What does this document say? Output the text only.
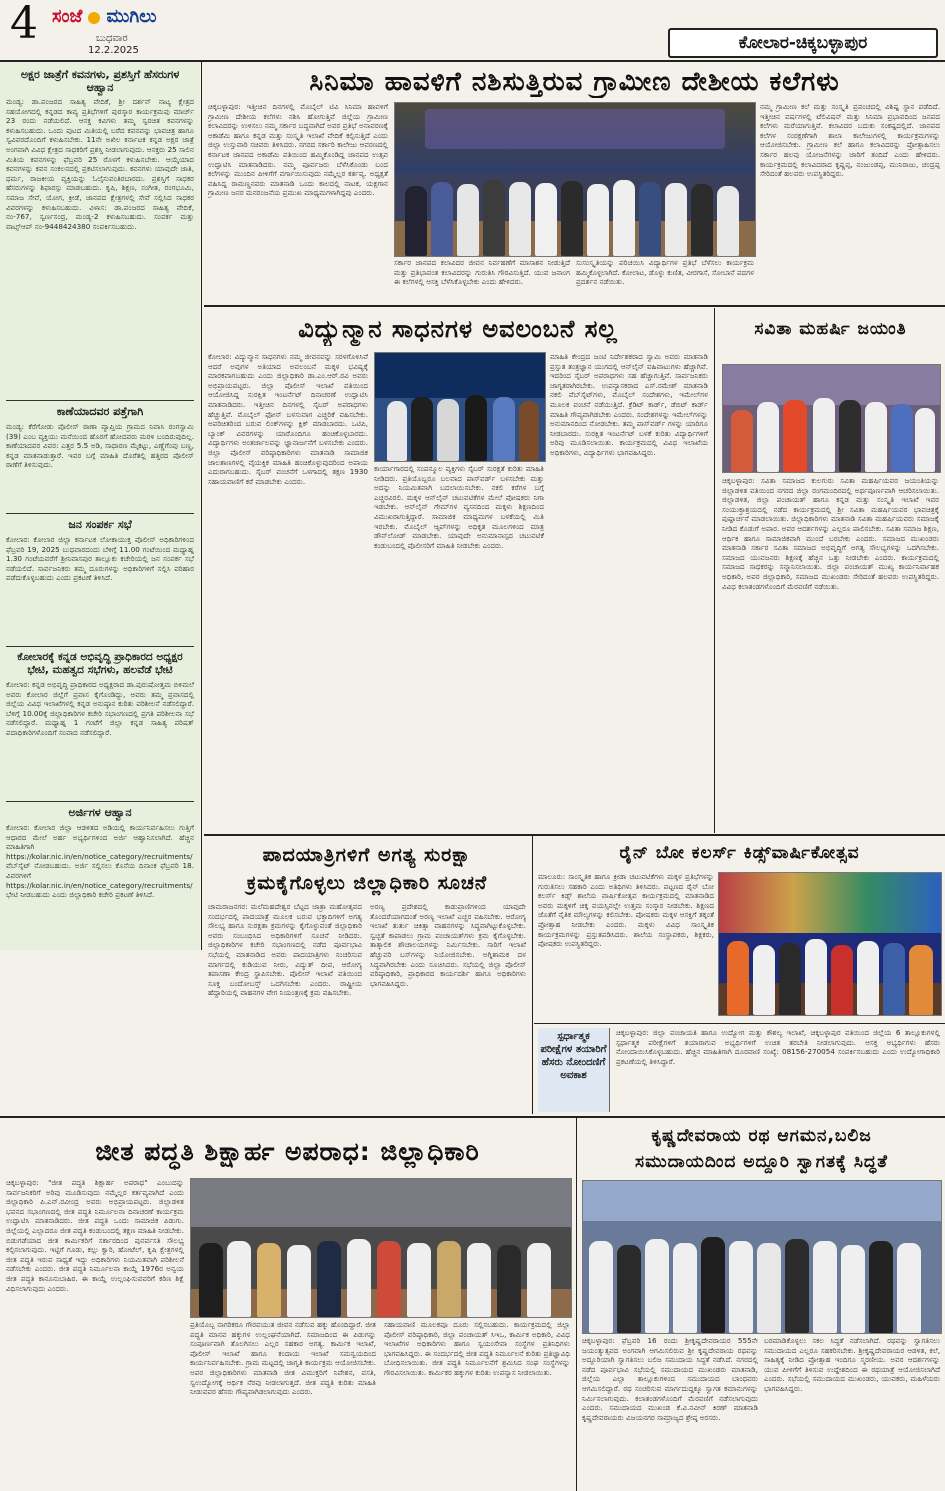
4 ಸಂಜೆ ಮುಗಿಲು
ಬುಧವಾರ
12.2.2025	ಕೋಲಾರ-ಚಿಕ್ಕಬಳ್ಳಾಪುರ
ಅಕ್ಷರ ಜಾತ್ರೆಗೆ ಕವನಗಳು, ಪ್ರಶಸ್ತಿಗೆ ಹೆಸರುಗಳ ಆಹ್ವಾನ
ಮಂಡ್ಯ: ಡಾ.ಪಂಜರದ ಸಾಹಿತ್ಯ ವೇದಿಕೆ, ಶ್ರೀ ದರ್ಶನ್ ನಾಟ್ಯ ಕ್ಷೇತ್ರದ ಸಹಯೋಗದಲ್ಲಿ ಕನ್ನಡದ ಕಾವ್ಯ ಪ್ರತಿಭೆಗಳಿಗೆ ಪುರಸ್ಕಾರ ಕಾರ್ಯಕ್ರಮವು ಮಾರ್ಚ್ 23 ರಂದು ನಡೆಯಲಿದೆ. ಆಸಕ್ತ ಕವಿಗಳು ತಮ್ಮ ಸ್ವರಚಿತ ಕವನಗಳನ್ನು ಕಳುಹಿಸಬಹುದು. ಒಂದು ಪುಟದ ಮಿತಿಯಲ್ಲಿ ಬರೆದ ಕವನವನ್ನು ಭಾವಚಿತ್ರ ಹಾಗೂ ಸ್ವವಿವರದೊಂದಿಗೆ ಕಳುಹಿಸಬೇಕು. 11ನೇ ಅಖಿಲ ಕರ್ನಾಟಕ ಕನ್ನಡ ಅಕ್ಷರ ಜಾತ್ರೆ ಅಂಗವಾಗಿ ವಿವಿಧ ಕ್ಷೇತ್ರದ ಸಾಧಕರಿಗೆ ಪ್ರಶಸ್ತಿ ನೀಡಲಾಗುವುದು. ಆಸಕ್ತರು 25 ಸಾಲಿನ ಮಿತಿಯ ಕವನಗಳನ್ನು ಫೆಬ್ರವರಿ 25 ರೊಳಗೆ ಕಳುಹಿಸಬೇಕು. ಆಯ್ಕೆಯಾದ ಕವನಗಳನ್ನು ಕವನ ಸಂಕಲನದಲ್ಲಿ ಪ್ರಕಟಿಸಲಾಗುವುದು. ಕವನಗಳು ಯಾವುದೇ ಜಾತಿ, ಧರ್ಮ, ರಾಜಕೀಯ ವ್ಯಕ್ತಿಯನ್ನು ಓಲೈಸುವಂತಿರಬಾರದು. ಪ್ರಶಸ್ತಿಗೆ ಸಾಧಕರ ಹೆಸರುಗಳನ್ನು ಶಿಫಾರಸ್ಸು ಮಾಡಬಹುದು. ಕೃಷಿ, ಶಿಕ್ಷಣ, ಸಂಗೀತ, ರಂಗಭೂಮಿ, ಸಮಾಜ ಸೇವೆ, ಯೋಗ, ಕ್ರೀಡೆ, ಜಾನಪದ ಕ್ಷೇತ್ರಗಳಲ್ಲಿ ಸೇವೆ ಸಲ್ಲಿಸಿದ ಸಾಧಕರ ವಿವರಗಳನ್ನು ಕಳುಹಿಸಬಹುದು. ವಿಳಾಸ: ಡಾ.ಪಂಜರದ ಸಾಹಿತ್ಯ ವೇದಿಕೆ, ನಂ-767, ಸ್ವರ್ಣಸಂದ್ರ, ಮಂಡ್ಯ-2 ಕಳುಹಿಸಬಹುದು. ಸಂಪರ್ಕ ಮತ್ತು ವಾಟ್ಸ್ಆಪ್ ನಂ-9448424380 ಸಂಪರ್ಕಿಸಬಹುದು.
ಕಾಣೆಯಾದವರ ಪತ್ತೆಗಾಗಿ
ಮಂಡ್ಯ: ಕೆರೆಗೋಡು ಪೊಲೀಸ್ ಠಾಣಾ ವ್ಯಾಪ್ತಿಯ ಗ್ರಾಮದ ನಿವಾಸಿ ರಂಗಸ್ವಾಮಿ (39) ಎಂಬ ವ್ಯಕ್ತಿಯು ಮನೆಯಿಂದ ಹೊರಗೆ ಹೋದವರು ಮರಳಿ ಬಂದಿರುವುದಿಲ್ಲ. ಕಾಣೆಯಾದವರ ವಿವರ: ಎತ್ತರ 5.5 ಅಡಿ, ಸಾಧಾರಣ ಮೈಕಟ್ಟು, ಎಣ್ಣೆಗೆಂಪು ಬಣ್ಣ, ಕನ್ನಡ ಮಾತನಾಡುತ್ತಾರೆ. ಇವರ ಬಗ್ಗೆ ಮಾಹಿತಿ ದೊರೆತಲ್ಲಿ ಹತ್ತಿರದ ಪೊಲೀಸ್ ಠಾಣೆಗೆ ತಿಳಿಸುವುದು.
ಜನ ಸಂಪರ್ಕ ಸಭೆ
ಕೋಲಾರ: ಕೋಲಾರ ಜಿಲ್ಲಾ ಕರ್ನಾಟಕ ಲೋಕಾಯುಕ್ತ ಪೊಲೀಸ್ ಅಧಿಕಾರಿಗಳಿಂದ ಫೆಬ್ರವರಿ 19, 2025 ಬುಧವಾರದಂದು ಬೆಳಿಗ್ಗೆ 11.00 ಗಂಟೆಯಿಂದ ಮಧ್ಯಾಹ್ನ 1.30 ಗಂಟೆಯವರೆಗೆ ಶ್ರೀನಿವಾಸಪುರ ತಾಲ್ಲೂಕು ಕಚೇರಿಯಲ್ಲಿ ಜನ ಸಂಪರ್ಕ ಸಭೆ ನಡೆಯಲಿದೆ. ಸಾರ್ವಜನಿಕರು ತಮ್ಮ ದೂರುಗಳನ್ನು ಅಧಿಕಾರಿಗಳಿಗೆ ಸಲ್ಲಿಸಿ ಪರಿಹಾರ ಪಡೆದುಕೊಳ್ಳಬಹುದು ಎಂದು ಪ್ರಕಟಣೆ ತಿಳಿಸಿದೆ.
ಕೋಲಾರಕ್ಕೆ ಕನ್ನಡ ಅಭಿವೃದ್ಧಿ ಪ್ರಾಧಿಕಾರದ ಅಧ್ಯಕ್ಷರ ಭೇಟಿ, ಮಹತ್ವದ ಸಭೆಗಳು, ಹಲವೆಡೆ ಭೇಟಿ
ಕೋಲಾರ: ಕನ್ನಡ ಅಭಿವೃದ್ಧಿ ಪ್ರಾಧಿಕಾರದ ಅಧ್ಯಕ್ಷರಾದ ಡಾ.ಪುರುಷೋತ್ತಮ ಬಿಳಿಮಲೆ ಅವರು ಕೋಲಾರ ಜಿಲ್ಲೆಗೆ ಪ್ರವಾಸ ಕೈಗೊಂಡಿದ್ದು, ಅವರು ತಮ್ಮ ಪ್ರವಾಸದಲ್ಲಿ ಜಿಲ್ಲೆಯ ವಿವಿಧ ಇಲಾಖೆಗಳಲ್ಲಿ ಕನ್ನಡ ಅನುಷ್ಠಾನ ಕುರಿತು ಪರಿಶೀಲನೆ ನಡೆಸಲಿದ್ದಾರೆ. ಬೆಳಿಗ್ಗೆ 10.00ಕ್ಕೆ ಜಿಲ್ಲಾಧಿಕಾರಿಗಳ ಕಚೇರಿ ಸಭಾಂಗಣದಲ್ಲಿ ಪ್ರಗತಿ ಪರಿಶೀಲನಾ ಸಭೆ ನಡೆಸಲಿದ್ದಾರೆ. ಮಧ್ಯಾಹ್ನ 1 ಗಂಟೆಗೆ ಜಿಲ್ಲಾ ಕನ್ನಡ ಸಾಹಿತ್ಯ ಪರಿಷತ್ ಪದಾಧಿಕಾರಿಗಳೊಂದಿಗೆ ಸಂವಾದ ನಡೆಸಲಿದ್ದಾರೆ.
ಅರ್ಜಿಗಳ ಆಹ್ವಾನ
ಕೋಲಾರ: ಕೋಲಾರ ಜಿಲ್ಲಾ ಆಡಳಿತದ ಅಡಿಯಲ್ಲಿ ಕಾರ್ಯನಿರ್ವಹಿಸಲು ಗುತ್ತಿಗೆ ಆಧಾರದ ಮೇಲೆ ಅರ್ಹ ಅಭ್ಯರ್ಥಿಗಳಿಂದ ಅರ್ಜಿ ಆಹ್ವಾನಿಸಲಾಗಿದೆ. ಹೆಚ್ಚಿನ ಮಾಹಿತಿಗಾಗಿ https://kolar.nic.in/en/notice_category/recruitments/ ವೆಬ್‌ಸೈಟ್ ನೋಡಬಹುದು. ಅರ್ಜಿ ಸಲ್ಲಿಸಲು ಕೊನೆಯ ದಿನಾಂಕ ಫೆಬ್ರವರಿ 18. ವಿವರಗಳಿಗೆ https://kolar.nic.in/en/notice_category/recruitments/ ಭೇಟಿ ನೀಡಬಹುದು ಎಂದು ಜಿಲ್ಲಾಧಿಕಾರಿ ಕಚೇರಿ ಪ್ರಕಟಣೆ ತಿಳಿಸಿದೆ.
ಸಿನಿಮಾ ಹಾವಳಿಗೆ ನಶಿಸುತ್ತಿರುವ ಗ್ರಾಮೀಣ ದೇಶೀಯ ಕಲೆಗಳು
ಚಿಕ್ಕಬಳ್ಳಾಪುರ: ಇತ್ತೀಚಿನ ದಿನಗಳಲ್ಲಿ ಮೊಬೈಲ್ ಟಿವಿ ಸಿನಿಮಾ ಹಾವಳಿಗೆ ಗ್ರಾಮೀಣ ದೇಶೀಯ ಕಲೆಗಳು ನಶಿಸಿ ಹೋಗುತ್ತಿವೆ ಜಿಲ್ಲೆಯ ಗ್ರಾಮೀಣ ಕಲಾವಿದರನ್ನು ಉಳಿಸಲು ನಮ್ಮ ಸರ್ಕಾರ ಬದ್ಧವಾಗಿದೆ ಅವರ ಪ್ರತಿಭೆ ಅನಾವರಣಕ್ಕೆ ಅಕಾಡೆಮಿ ಹಾಗೂ ಕನ್ನಡ ಮತ್ತು ಸಂಸ್ಕೃತಿ ಇಲಾಖೆ ವೇದಿಕೆ ಕಲ್ಪಿಸುತ್ತಿದೆ ಎಂದು ಜಿಲ್ಲಾ ಉಸ್ತುವಾರಿ ಸಚಿವರು ತಿಳಿಸಿದರು. ನಗರದ ಸರ್ಕಾರಿ ಕಾಲೇಜು ಆವರಣದಲ್ಲಿ ಕರ್ನಾಟಕ ಜಾನಪದ ಅಕಾಡೆಮಿ ವತಿಯಿಂದ ಹಮ್ಮಿಕೊಂಡಿದ್ದ ಜಾನಪದ ಉತ್ಸವ ಉದ್ಘಾಟಿಸಿ ಮಾತನಾಡಿದರು. ನಮ್ಮ ಪೂರ್ವಜರು ಬೆಳೆಸಿಕೊಂಡು ಬಂದ ಕಲೆಗಳನ್ನು ಮುಂದಿನ ಪೀಳಿಗೆಗೆ ವರ್ಗಾಯಿಸುವುದು ನಮ್ಮೆಲ್ಲರ ಕರ್ತವ್ಯ. ಅಧ್ಯಕ್ಷತೆ ವಹಿಸಿದ್ದ ರಾಮಣ್ಣನವರು ಮಾತನಾಡಿ ಒಂದು ಕಾಲದಲ್ಲಿ ನಾಟಕ, ಯಕ್ಷಗಾನ ಗ್ರಾಮೀಣ ಜನರ ಮನರಂಜನೆಯ ಪ್ರಮುಖ ಮಾಧ್ಯಮಗಳಾಗಿದ್ದವು ಎಂದರು.
ಸರ್ಕಾರ ಜಾನಪದ ಕಲಾವಿದರ ಜೀವನ ನಿರ್ವಹಣೆಗೆ ಮಾಸಾಶನ ನೀಡುತ್ತಿದೆ ಮತ್ತು ಪ್ರತಿಭಾವಂತ ಕಲಾವಿದರನ್ನು ಗುರುತಿಸಿ ಗೌರವಿಸುತ್ತಿದೆ. ಯುವ ಜನಾಂಗ ಈ ಕಲೆಗಳಲ್ಲಿ ಆಸಕ್ತಿ ಬೆಳೆಸಿಕೊಳ್ಳಬೇಕು ಎಂದು ಹೇಳಿದರು.
ಸುಸಂಸ್ಕೃತಿಯನ್ನು ಪರಿಚಯಿಸಿ ವಿದ್ಯಾರ್ಥಿಗಳ ಪ್ರತಿಭೆ ಬೆಳೆಸಲು ಕಾರ್ಯಕ್ರಮ ಹಮ್ಮಿಕೊಳ್ಳಲಾಗಿದೆ. ಕೋಲಾಟ, ಡೊಳ್ಳು ಕುಣಿತ, ವೀರಗಾಸೆ, ಸೋಬಾನೆ ಪದಗಳ ಪ್ರದರ್ಶನ ನಡೆಯಿತು.
ನಮ್ಮ ಗ್ರಾಮೀಣ ಕಲೆ ಮತ್ತು ಸಂಸ್ಕೃತಿ ಪ್ರಪಂಚದಲ್ಲಿ ವಿಶಿಷ್ಟ ಸ್ಥಾನ ಪಡೆದಿದೆ. ಇತ್ತೀಚಿನ ವರ್ಷಗಳಲ್ಲಿ ಟೆಲಿವಿಷನ್ ಮತ್ತು ಸಿನಿಮಾ ಪ್ರಭಾವದಿಂದ ಜನಪದ ಕಲೆಗಳು ಮರೆಯಾಗುತ್ತಿವೆ. ಕಲಾವಿದರ ಬದುಕು ಸಂಕಷ್ಟದಲ್ಲಿದೆ. ಜಾನಪದ ಕಲೆಗಳ ಸಂರಕ್ಷಣೆಗಾಗಿ ಶಾಲಾ ಕಾಲೇಜುಗಳಲ್ಲಿ ಕಾರ್ಯಕ್ರಮಗಳನ್ನು ಆಯೋಜಿಸಬೇಕು. ಗ್ರಾಮೀಣ ಕಲೆ ಹಾಗೂ ಕಲಾವಿದರನ್ನು ಪ್ರೋತ್ಸಾಹಿಸಲು ಸರ್ಕಾರ ಹಲವು ಯೋಜನೆಗಳನ್ನು ಜಾರಿಗೆ ತಂದಿದೆ ಎಂದು ಹೇಳಿದರು. ಕಾರ್ಯಕ್ರಮದಲ್ಲಿ ಕಲಾವಿದರಾದ ಕೃಷ್ಣಪ್ಪ, ನಂಜುಂಡಪ್ಪ, ಮುನಿರಾಜು, ಚಂದ್ರಪ್ಪ ಸೇರಿದಂತೆ ಹಲವರು ಉಪಸ್ಥಿತರಿದ್ದರು.
ವಿದ್ಯುನ್ಮಾನ ಸಾಧನಗಳ ಅವಲಂಬನೆ ಸಲ್ಲ
ಕೋಲಾರ: ವಿದ್ಯುನ್ಮಾನ ಸಾಧನಗಳು ನಮ್ಮ ಜೀವನವನ್ನು ಸರಳಗೊಳಿಸಿವೆ ಆದರೆ ಅವುಗಳ ಅತಿಯಾದ ಅವಲಂಬನೆ ಮಕ್ಕಳ ಭವಿಷ್ಯಕ್ಕೆ ಮಾರಕವಾಗಬಹುದು ಎಂದು ಜಿಲ್ಲಾಧಿಕಾರಿ ಡಾ.ಎಂ.ಆರ್.ರವಿ ಅವರು ಅಭಿಪ್ರಾಯಪಟ್ಟರು. ಜಿಲ್ಲಾ ಪೊಲೀಸ್ ಇಲಾಖೆ ವತಿಯಿಂದ ಆಯೋಜಿಸಿದ್ದ ಸುರಕ್ಷಿತ ಇಂಟರ್ನೆಟ್ ದಿನಾಚರಣೆ ಉದ್ಘಾಟಿಸಿ ಮಾತನಾಡಿದರು. ಇತ್ತೀಚಿನ ದಿನಗಳಲ್ಲಿ ಸೈಬರ್ ಅಪರಾಧಗಳು ಹೆಚ್ಚುತ್ತಿವೆ. ಮೊಬೈಲ್ ಫೋನ್ ಬಳಸುವಾಗ ಎಚ್ಚರಿಕೆ ವಹಿಸಬೇಕು. ಅಪರಿಚಿತರಿಂದ ಬರುವ ಲಿಂಕ್‌ಗಳನ್ನು ಕ್ಲಿಕ್ ಮಾಡಬಾರದು. ಒಟಿಪಿ, ಬ್ಯಾಂಕ್ ವಿವರಗಳನ್ನು ಯಾರೊಂದಿಗೂ ಹಂಚಿಕೊಳ್ಳಬಾರದು. ವಿದ್ಯಾರ್ಥಿಗಳು ಅಂತರ್ಜಾಲವನ್ನು ಜ್ಞಾನಾರ್ಜನೆಗೆ ಬಳಸಬೇಕು ಎಂದರು. ಜಿಲ್ಲಾ ಪೊಲೀಸ್ ವರಿಷ್ಠಾಧಿಕಾರಿಗಳು ಮಾತನಾಡಿ ಸಾಮಾಜಿಕ ಜಾಲತಾಣಗಳಲ್ಲಿ ವೈಯಕ್ತಿಕ ಮಾಹಿತಿ ಹಂಚಿಕೊಳ್ಳುವುದರಿಂದ ಅಪಾಯ ಎದುರಾಗಬಹುದು. ಸೈಬರ್ ವಂಚನೆಗೆ ಒಳಗಾದಲ್ಲಿ ತಕ್ಷಣ 1930 ಸಹಾಯವಾಣಿಗೆ ಕರೆ ಮಾಡಬೇಕು ಎಂದರು.
ಕಾರ್ಯಾಗಾರದಲ್ಲಿ ಸಂಪನ್ಮೂಲ ವ್ಯಕ್ತಿಗಳು ಸೈಬರ್ ಸುರಕ್ಷತೆ ಕುರಿತು ಮಾಹಿತಿ ನೀಡಿದರು. ಪ್ರತಿಯೊಬ್ಬರೂ ಬಲವಾದ ಪಾಸ್‌ವರ್ಡ್ ಬಳಸಬೇಕು ಮತ್ತು ಅದನ್ನು ನಿಯಮಿತವಾಗಿ ಬದಲಾಯಿಸಬೇಕು. ನಕಲಿ ಕರೆಗಳ ಬಗ್ಗೆ ಎಚ್ಚರವಿರಲಿ. ಮಕ್ಕಳ ಆನ್‌ಲೈನ್ ಚಟುವಟಿಕೆಗಳ ಮೇಲೆ ಪೋಷಕರು ನಿಗಾ ಇಡಬೇಕು. ಆನ್‌ಲೈನ್ ಗೇಮ್‌ಗಳ ವ್ಯಸನದಿಂದ ಮಕ್ಕಳು ಶಿಕ್ಷಣದಿಂದ ವಿಮುಖರಾಗುತ್ತಿದ್ದಾರೆ. ಸಾಮಾಜಿಕ ಮಾಧ್ಯಮಗಳ ಬಳಕೆಯಲ್ಲಿ ಮಿತಿ ಇರಬೇಕು. ಮೊಬೈಲ್ ಆ್ಯಪ್‌ಗಳನ್ನು ಅಧಿಕೃತ ಮೂಲಗಳಿಂದ ಮಾತ್ರ ಡೌನ್‌ಲೋಡ್ ಮಾಡಬೇಕು. ಯಾವುದೇ ಅನುಮಾನಾಸ್ಪದ ಚಟುವಟಿಕೆ ಕಂಡುಬಂದಲ್ಲಿ ಪೊಲೀಸರಿಗೆ ಮಾಹಿತಿ ನೀಡಬೇಕು ಎಂದರು.
ಮಾಹಿತಿ ಕೇಂದ್ರದ ಜಂಟಿ ನಿರ್ದೇಶಕರಾದ ಸ್ವಾಮಿ ಅವರು ಮಾತನಾಡಿ ಪ್ರಸ್ತುತ ತಂತ್ರಜ್ಞಾನ ಯುಗದಲ್ಲಿ ಆನ್‌ಲೈನ್ ವಹಿವಾಟುಗಳು ಹೆಚ್ಚಾಗಿವೆ. ಇದರಿಂದ ಸೈಬರ್ ಅಪರಾಧಗಳು ಸಹ ಹೆಚ್ಚಾಗುತ್ತಿವೆ. ಸಾರ್ವಜನಿಕರು ಜಾಗೃತರಾಗಿರಬೇಕು. ಉಪನ್ಯಾಸಕರಾದ ಎಸ್.ರಮೇಶ್ ಮಾತನಾಡಿ ನಕಲಿ ವೆಬ್‌ಸೈಟ್‌ಗಳು, ಮೊಬೈಲ್ ಸಂದೇಶಗಳು, ಇಮೇಲ್‌ಗಳ ಮೂಲಕ ವಂಚನೆ ನಡೆಯುತ್ತಿದೆ. ಕ್ರೆಡಿಟ್ ಕಾರ್ಡ್, ಡೆಬಿಟ್ ಕಾರ್ಡ್ ಮಾಹಿತಿ ಗೌಪ್ಯವಾಗಿಡಬೇಕು ಎಂದರು. ಸಂದೇಶಗಳನ್ನು ಇಮೇಲ್‌ಗಳನ್ನು ಅನುಮಾನದಿಂದ ನೋಡಬೇಕು. ತಮ್ಮ ಪಾಸ್‌ವರ್ಡ್ ಗಳನ್ನು ಯಾರಿಗೂ ನೀಡಬಾರದು. ಸುರಕ್ಷಿತ ಇಂಟರ್ನೆಟ್ ಬಳಕೆ ಕುರಿತು ವಿದ್ಯಾರ್ಥಿಗಳಿಗೆ ಅರಿವು ಮೂಡಿಸಲಾಯಿತು. ಕಾರ್ಯಕ್ರಮದಲ್ಲಿ ವಿವಿಧ ಇಲಾಖೆಯ ಅಧಿಕಾರಿಗಳು, ವಿದ್ಯಾರ್ಥಿಗಳು ಭಾಗವಹಿಸಿದ್ದರು.
ಸವಿತಾ ಮಹರ್ಷಿ ಜಯಂತಿ
ಚಿಕ್ಕಬಳ್ಳಾಪುರ: ಸವಿತಾ ಸಮಾಜದ ಕುಲಗುರು ಸವಿತಾ ಮಹರ್ಷಿಯವರ ಜಯಂತಿಯನ್ನು ಜಿಲ್ಲಾಡಳಿತ ವತಿಯಿಂದ ನಗರದ ಜಿಲ್ಲಾ ರಂಗಮಂದಿರದಲ್ಲಿ ಅರ್ಥಪೂರ್ಣವಾಗಿ ಆಚರಿಸಲಾಯಿತು. ಜಿಲ್ಲಾಡಳಿತ, ಜಿಲ್ಲಾ ಪಂಚಾಯತ್ ಹಾಗೂ ಕನ್ನಡ ಮತ್ತು ಸಂಸ್ಕೃತಿ ಇಲಾಖೆ ಇವರ ಸಂಯುಕ್ತಾಶ್ರಯದಲ್ಲಿ ನಡೆದ ಕಾರ್ಯಕ್ರಮದಲ್ಲಿ ಶ್ರೀ ಸವಿತಾ ಮಹರ್ಷಿಯವರ ಭಾವಚಿತ್ರಕ್ಕೆ ಪುಷ್ಪಾರ್ಚನೆ ಮಾಡಲಾಯಿತು. ಜಿಲ್ಲಾಧಿಕಾರಿಗಳು ಮಾತನಾಡಿ ಸವಿತಾ ಮಹರ್ಷಿಯವರು ಸಮಾಜಕ್ಕೆ ನೀಡಿದ ಕೊಡುಗೆ ಅಪಾರ. ಅವರ ಆದರ್ಶಗಳನ್ನು ಎಲ್ಲರೂ ಪಾಲಿಸಬೇಕು. ಸವಿತಾ ಸಮಾಜ ಶಿಕ್ಷಣ, ಆರ್ಥಿಕ ಹಾಗೂ ಸಾಮಾಜಿಕವಾಗಿ ಮುಂದೆ ಬರಬೇಕು ಎಂದರು. ಸಮಾಜದ ಮುಖಂಡರು ಮಾತನಾಡಿ ಸರ್ಕಾರ ಸವಿತಾ ಸಮಾಜದ ಅಭಿವೃದ್ಧಿಗೆ ಅಗತ್ಯ ಸೌಲಭ್ಯಗಳನ್ನು ಒದಗಿಸಬೇಕು. ಸಮಾಜದ ಯುವಜನರು ಶಿಕ್ಷಣಕ್ಕೆ ಹೆಚ್ಚಿನ ಒತ್ತು ನೀಡಬೇಕು ಎಂದರು. ಕಾರ್ಯಕ್ರಮದಲ್ಲಿ ಸಮಾಜದ ಸಾಧಕರನ್ನು ಸನ್ಮಾನಿಸಲಾಯಿತು. ಜಿಲ್ಲಾ ಪಂಚಾಯತ್ ಮುಖ್ಯ ಕಾರ್ಯನಿರ್ವಾಹಕ ಅಧಿಕಾರಿ, ಅಪರ ಜಿಲ್ಲಾಧಿಕಾರಿ, ಸಮಾಜದ ಮುಖಂಡರು ಸೇರಿದಂತೆ ಹಲವರು ಉಪಸ್ಥಿತರಿದ್ದರು. ವಿವಿಧ ಕಲಾತಂಡಗಳೊಂದಿಗೆ ಮೆರವಣಿಗೆ ನಡೆಯಿತು.
ಪಾದಯಾತ್ರಿಗಳಿಗೆ ಅಗತ್ಯ ಸುರಕ್ಷಾ
ಕ್ರಮಕೈಗೊಳ್ಳಲು ಜಿಲ್ಲಾಧಿಕಾರಿ ಸೂಚನೆ
ಚಾಮರಾಜನಗರ: ಮಲೆಮಹದೇಶ್ವರ ಬೆಟ್ಟದ ಜಾತ್ರಾ ಮಹೋತ್ಸವದ ಸಂದರ್ಭದಲ್ಲಿ ಪಾದಯಾತ್ರೆ ಮೂಲಕ ಬರುವ ಭಕ್ತಾದಿಗಳಿಗೆ ಅಗತ್ಯ ಸೌಲಭ್ಯ ಹಾಗೂ ಸುರಕ್ಷತಾ ಕ್ರಮಗಳನ್ನು ಕೈಗೊಳ್ಳುವಂತೆ ಜಿಲ್ಲಾಧಿಕಾರಿ ಅವರು ಸಂಬಂಧಿಸಿದ ಅಧಿಕಾರಿಗಳಿಗೆ ಸೂಚನೆ ನೀಡಿದರು. ಜಿಲ್ಲಾಧಿಕಾರಿಗಳ ಕಚೇರಿ ಸಭಾಂಗಣದಲ್ಲಿ ನಡೆದ ಪೂರ್ವಭಾವಿ ಸಭೆಯಲ್ಲಿ ಮಾತನಾಡಿದ ಅವರು ಪಾದಯಾತ್ರಿಗಳು ಸಂಚರಿಸುವ ಮಾರ್ಗದಲ್ಲಿ ಕುಡಿಯುವ ನೀರು, ವಿದ್ಯುತ್ ದೀಪ, ಆರೋಗ್ಯ ತಪಾಸಣಾ ಕೇಂದ್ರ ಸ್ಥಾಪಿಸಬೇಕು. ಪೊಲೀಸ್ ಇಲಾಖೆ ವತಿಯಿಂದ ಸೂಕ್ತ ಬಂದೋಬಸ್ತ್ ಒದಗಿಸಬೇಕು ಎಂದರು. ರಾಷ್ಟ್ರೀಯ ಹೆದ್ದಾರಿಯಲ್ಲಿ ವಾಹನಗಳ ವೇಗ ನಿಯಂತ್ರಣಕ್ಕೆ ಕ್ರಮ ವಹಿಸಬೇಕು.
ಅರಣ್ಯ ಪ್ರದೇಶದಲ್ಲಿ ಕಾಡುಪ್ರಾಣಿಗಳಿಂದ ಯಾವುದೇ ತೊಂದರೆಯಾಗದಂತೆ ಅರಣ್ಯ ಇಲಾಖೆ ಎಚ್ಚರ ವಹಿಸಬೇಕು. ಆರೋಗ್ಯ ಇಲಾಖೆ ತುರ್ತು ಚಿಕಿತ್ಸಾ ವಾಹನಗಳನ್ನು ಸಿದ್ಧವಾಗಿಟ್ಟುಕೊಳ್ಳಬೇಕು. ಸ್ವಚ್ಛತೆ ಕಾಪಾಡಲು ಗ್ರಾಮ ಪಂಚಾಯತ್‌ಗಳು ಕ್ರಮ ಕೈಗೊಳ್ಳಬೇಕು. ತಾತ್ಕಾಲಿಕ ಶೌಚಾಲಯಗಳನ್ನು ನಿರ್ಮಿಸಬೇಕು. ಸಾರಿಗೆ ಇಲಾಖೆ ಹೆಚ್ಚುವರಿ ಬಸ್‌ಗಳನ್ನು ನಿಯೋಜಿಸಬೇಕು. ಅಗ್ನಿಶಾಮಕ ದಳ ಸಿದ್ಧವಾಗಿರಬೇಕು ಎಂದು ಸೂಚಿಸಿದರು. ಸಭೆಯಲ್ಲಿ ಜಿಲ್ಲಾ ಪೊಲೀಸ್ ವರಿಷ್ಠಾಧಿಕಾರಿ, ಪ್ರಾಧಿಕಾರದ ಕಾರ್ಯದರ್ಶಿ ಹಾಗೂ ಅಧಿಕಾರಿಗಳು ಭಾಗವಹಿಸಿದ್ದರು.
ರೈನ್ ಬೋ ಕಲರ್ಸ್ ಕಿಡ್ಸ್‌ವಾರ್ಷಿಕೋತ್ಸವ
ಮಾಲೂರು: ಸಾಂಸ್ಕೃತಿಕ ಹಾಗೂ ಕ್ರೀಡಾ ಚಟುವಟಿಕೆಗಳು ಮಕ್ಕಳ ಪ್ರತಿಭೆಗಳನ್ನು ಗುರುತಿಸಲು ಸಹಕಾರಿ ಎಂದು ಅತಿಥಿಗಳು ತಿಳಿಸಿದರು. ಪಟ್ಟಣದ ರೈನ್ ಬೋ ಕಲರ್ಸ್ ಕಿಡ್ಸ್ ಶಾಲೆಯ ವಾರ್ಷಿಕೋತ್ಸವ ಕಾರ್ಯಕ್ರಮದಲ್ಲಿ ಮಾತನಾಡಿದ ಅವರು ಮಕ್ಕಳಿಗೆ ಚಿಕ್ಕ ವಯಸ್ಸಿನಲ್ಲೇ ಉತ್ತಮ ಸಂಸ್ಕಾರ ನೀಡಬೇಕು. ಶಿಕ್ಷಣದ ಜೊತೆಗೆ ನೈತಿಕ ಮೌಲ್ಯಗಳನ್ನು ಕಲಿಸಬೇಕು. ಪೋಷಕರು ಮಕ್ಕಳ ಆಸಕ್ತಿಗೆ ತಕ್ಕಂತೆ ಪ್ರೋತ್ಸಾಹ ನೀಡಬೇಕು ಎಂದರು. ಮಕ್ಕಳು ವಿವಿಧ ಸಾಂಸ್ಕೃತಿಕ ಕಾರ್ಯಕ್ರಮಗಳನ್ನು ಪ್ರಸ್ತುತಪಡಿಸಿದರು. ಶಾಲೆಯ ಸಂಸ್ಥಾಪಕರು, ಶಿಕ್ಷಕರು, ಪೋಷಕರು ಉಪಸ್ಥಿತರಿದ್ದರು.
ಸ್ಪರ್ಧಾತ್ಮಕ ಪರೀಕ್ಷೆಗಳ ತಯಾರಿಗೆ ಹೆಸರು ನೋಂದಣಿಗೆ ಅವಕಾಶ
ಚಿಕ್ಕಬಳ್ಳಾಪುರ: ಜಿಲ್ಲಾ ಪಂಚಾಯತಿ ಹಾಗೂ ಉದ್ಯೋಗ ಮತ್ತು ಕೌಶಲ್ಯ ಇಲಾಖೆ, ಚಿಕ್ಕಬಳ್ಳಾಪುರ ವತಿಯಿಂದ ಜಿಲ್ಲೆಯ 6 ತಾಲ್ಲೂಕುಗಳಲ್ಲಿ ಸ್ಪರ್ಧಾತ್ಮಕ ಪರೀಕ್ಷೆಗಳಿಗೆ ತಯಾರಾಗುವ ಅಭ್ಯರ್ಥಿಗಳಿಗೆ ಉಚಿತ ತರಬೇತಿ ನೀಡಲಾಗುವುದು. ಆಸಕ್ತ ಅಭ್ಯರ್ಥಿಗಳು ಹೆಸರು ನೋಂದಾಯಿಸಿಕೊಳ್ಳಬಹುದು. ಹೆಚ್ಚಿನ ಮಾಹಿತಿಗಾಗಿ ದೂರವಾಣಿ ಸಂಖ್ಯೆ: 08156-270054 ಸಂಪರ್ಕಿಸಬಹುದು ಎಂದು ಉದ್ಯೋಗಾಧಿಕಾರಿ ಪ್ರಕಟಣೆಯಲ್ಲಿ ತಿಳಿಸಿದ್ದಾರೆ.
ಜೀತ ಪದ್ಧತಿ ಶಿಕ್ಷಾರ್ಹ ಅಪರಾಧ: ಜಿಲ್ಲಾಧಿಕಾರಿ
ಚಿಕ್ಕಬಳ್ಳಾಪುರ: "ಜೀತ ಪದ್ಧತಿ ಶಿಕ್ಷಾರ್ಹ ಅಪರಾಧ" ಎಂಬುದನ್ನು ಸಾರ್ವಜನಿಕರಿಗೆ ಅರಿವು ಮೂಡಿಸುವುದು ನಮ್ಮೆಲ್ಲರ ಕರ್ತವ್ಯವಾಗಿದೆ ಎಂದು ಜಿಲ್ಲಾಧಿಕಾರಿ ಪಿ.ಎನ್.ರವೀಂದ್ರ ಅವರು ಅಭಿಪ್ರಾಯಪಟ್ಟರು. ಜಿಲ್ಲಾಡಳಿತ ಭವನದ ಸಭಾಂಗಣದಲ್ಲಿ ಜೀತ ಪದ್ಧತಿ ನಿರ್ಮೂಲನಾ ದಿನಾಚರಣೆ ಕಾರ್ಯಕ್ರಮ ಉದ್ಘಾಟಿಸಿ ಮಾತನಾಡಿದರು. ಜೀತ ಪದ್ಧತಿ ಒಂದು ಸಾಮಾಜಿಕ ಪಿಡುಗು. ಜಿಲ್ಲೆಯಲ್ಲಿ ಎಲ್ಲಾದರೂ ಜೀತ ಪದ್ಧತಿ ಕಂಡುಬಂದಲ್ಲಿ ತಕ್ಷಣ ಮಾಹಿತಿ ನೀಡಬೇಕು. ಬಿಡುಗಡೆಯಾದ ಜೀತ ಕಾರ್ಮಿಕರಿಗೆ ಸರ್ಕಾರದಿಂದ ಪುನರ್ವಸತಿ ಸೌಲಭ್ಯ ಕಲ್ಪಿಸಲಾಗುವುದು. ಇಟ್ಟಿಗೆ ಗೂಡು, ಕಲ್ಲು ಕ್ವಾರಿ, ಹೋಟೆಲ್, ಕೃಷಿ ಕ್ಷೇತ್ರಗಳಲ್ಲಿ ಜೀತ ಪದ್ಧತಿ ಇರುವ ಸಾಧ್ಯತೆ ಇದ್ದು ಅಧಿಕಾರಿಗಳು ನಿಯಮಿತವಾಗಿ ಪರಿಶೀಲನೆ ನಡೆಸಬೇಕು ಎಂದರು. ಜೀತ ಪದ್ಧತಿ ನಿರ್ಮೂಲನಾ ಕಾಯ್ದೆ 1976ರ ಅನ್ವಯ ಜೀತ ಪದ್ಧತಿ ಕಾನೂನುಬಾಹಿರ. ಈ ಕಾಯ್ದೆ ಉಲ್ಲಂಘಿಸುವವರಿಗೆ ಕಠಿಣ ಶಿಕ್ಷೆ ವಿಧಿಸಲಾಗುವುದು ಎಂದರು.
ಪ್ರತಿಯೊಬ್ಬ ನಾಗರಿಕರೂ ಗೌರವಯುತ ಜೀವನ ನಡೆಸುವ ಹಕ್ಕು ಹೊಂದಿದ್ದಾರೆ. ಜೀತ ಪದ್ಧತಿ ಮಾನವ ಹಕ್ಕುಗಳ ಉಲ್ಲಂಘನೆಯಾಗಿದೆ. ಸಮಾಜದಿಂದ ಈ ಪಿಡುಗನ್ನು ಸಂಪೂರ್ಣವಾಗಿ ತೊಲಗಿಸಲು ಎಲ್ಲರ ಸಹಕಾರ ಅಗತ್ಯ. ಕಾರ್ಮಿಕ ಇಲಾಖೆ, ಪೊಲೀಸ್ ಇಲಾಖೆ ಹಾಗೂ ಕಂದಾಯ ಇಲಾಖೆ ಸಮನ್ವಯದಿಂದ ಕಾರ್ಯನಿರ್ವಹಿಸಬೇಕು. ಗ್ರಾಮ ಮಟ್ಟದಲ್ಲಿ ಜಾಗೃತಿ ಕಾರ್ಯಕ್ರಮ ಆಯೋಜಿಸಬೇಕು. ಅಪರ ಜಿಲ್ಲಾಧಿಕಾರಿಗಳು ಮಾತನಾಡಿ ಜೀತ ವಿಮುಕ್ತರಿಗೆ ನಿವೇಶನ, ವಸತಿ, ಸ್ವಉದ್ಯೋಗಕ್ಕೆ ಆರ್ಥಿಕ ನೆರವು ನೀಡಲಾಗುತ್ತದೆ. ಜೀತ ಪದ್ಧತಿ ಕುರಿತು ಮಾಹಿತಿ ನೀಡುವವರ ಹೆಸರು ಗೌಪ್ಯವಾಗಿಡಲಾಗುವುದು ಎಂದರು.
ಸಹಾಯವಾಣಿ ಮೂಲಕವೂ ದೂರು ಸಲ್ಲಿಸಬಹುದು. ಕಾರ್ಯಕ್ರಮದಲ್ಲಿ ಜಿಲ್ಲಾ ಪೊಲೀಸ್ ವರಿಷ್ಠಾಧಿಕಾರಿ, ಜಿಲ್ಲಾ ಪಂಚಾಯತ್ ಸಿಇಒ, ಕಾರ್ಮಿಕ ಅಧಿಕಾರಿ, ವಿವಿಧ ಇಲಾಖೆಗಳ ಅಧಿಕಾರಿಗಳು ಹಾಗೂ ಸ್ವಯಂಸೇವಾ ಸಂಸ್ಥೆಗಳ ಪ್ರತಿನಿಧಿಗಳು ಭಾಗವಹಿಸಿದ್ದರು. ಈ ಸಂದರ್ಭದಲ್ಲಿ ಜೀತ ಪದ್ಧತಿ ನಿರ್ಮೂಲನೆ ಕುರಿತು ಪ್ರತಿಜ್ಞಾವಿಧಿ ಬೋಧಿಸಲಾಯಿತು. ಜೀತ ಪದ್ಧತಿ ನಿರ್ಮೂಲನೆಗೆ ಶ್ರಮಿಸಿದ ಸಂಘ ಸಂಸ್ಥೆಗಳನ್ನು ಗೌರವಿಸಲಾಯಿತು. ಕಾರ್ಮಿಕರ ಹಕ್ಕುಗಳ ಕುರಿತು ಉಪನ್ಯಾಸ ನೀಡಲಾಯಿತು.
ಕೃಷ್ಣದೇವರಾಯ ರಥ ಆಗಮನ,ಬಲಿಜ
ಸಮುದಾಯದಿಂದ ಅದ್ದೂರಿ ಸ್ವಾಗತಕ್ಕೆ ಸಿದ್ಧತೆ
ಚಿಕ್ಕಬಳ್ಳಾಪುರ: ಫೆಬ್ರವರಿ 16 ರಂದು ಶ್ರೀಕೃಷ್ಣದೇವರಾಯರ 555ನೇ ಜಯಂತ್ಯುತ್ಸವದ ಅಂಗವಾಗಿ ಆಗಮಿಸಲಿರುವ ಶ್ರೀ ಕೃಷ್ಣದೇವರಾಯ ರಥವನ್ನು ಅದ್ದೂರಿಯಾಗಿ ಸ್ವಾಗತಿಸಲು ಬಲಿಜ ಸಮುದಾಯ ಸಿದ್ಧತೆ ನಡೆಸಿದೆ. ನಗರದಲ್ಲಿ ನಡೆದ ಪೂರ್ವಭಾವಿ ಸಭೆಯಲ್ಲಿ ಸಮುದಾಯದ ಮುಖಂಡರು ಮಾತನಾಡಿ, ಜಿಲ್ಲೆಯ ಎಲ್ಲಾ ತಾಲ್ಲೂಕುಗಳಿಂದ ಸಮುದಾಯದ ಬಾಂಧವರು ಆಗಮಿಸಲಿದ್ದಾರೆ. ರಥ ಸಂಚರಿಸುವ ಮಾರ್ಗದುದ್ದಕ್ಕೂ ಸ್ವಾಗತ ಕಮಾನುಗಳನ್ನು ನಿರ್ಮಿಸಲಾಗುವುದು. ಕಲಾತಂಡಗಳೊಂದಿಗೆ ಮೆರವಣಿಗೆ ನಡೆಸಲಾಗುವುದು ಎಂದರು. ಸಮುದಾಯದ ಮುಖಂಡ ಕೆ.ವಿ.ನವೀನ್ ಕಿರಣ್ ಮಾತನಾಡಿ ಕೃಷ್ಣದೇವರಾಯರು ವಿಜಯನಗರ ಸಾಮ್ರಾಜ್ಯದ ಶ್ರೇಷ್ಠ ಅರಸರು.
ಬರಮಾಡಿಕೊಳ್ಳಲು ಸಕಲ ಸಿದ್ಧತೆ ನಡೆಸಲಾಗಿದೆ. ರಥವನ್ನು ಸ್ವಾಗತಿಸಲು ಸಮುದಾಯದ ಎಲ್ಲರೂ ಸಹಕರಿಸಬೇಕು. ಶ್ರೀಕೃಷ್ಣದೇವರಾಯರ ಆಡಳಿತ, ಕಲೆ, ಸಾಹಿತ್ಯಕ್ಕೆ ನೀಡಿದ ಪ್ರೋತ್ಸಾಹ ಇಂದಿಗೂ ಸ್ಮರಣೀಯ. ಅವರ ಆದರ್ಶಗಳನ್ನು ಯುವ ಪೀಳಿಗೆಗೆ ತಿಳಿಸುವ ಉದ್ದೇಶದಿಂದ ಈ ರಥಯಾತ್ರೆ ಆಯೋಜಿಸಲಾಗಿದೆ ಎಂದರು. ಸಭೆಯಲ್ಲಿ ಸಮುದಾಯದ ಮುಖಂಡರು, ಯುವಕರು, ಮಹಿಳೆಯರು ಭಾಗವಹಿಸಿದ್ದರು.
